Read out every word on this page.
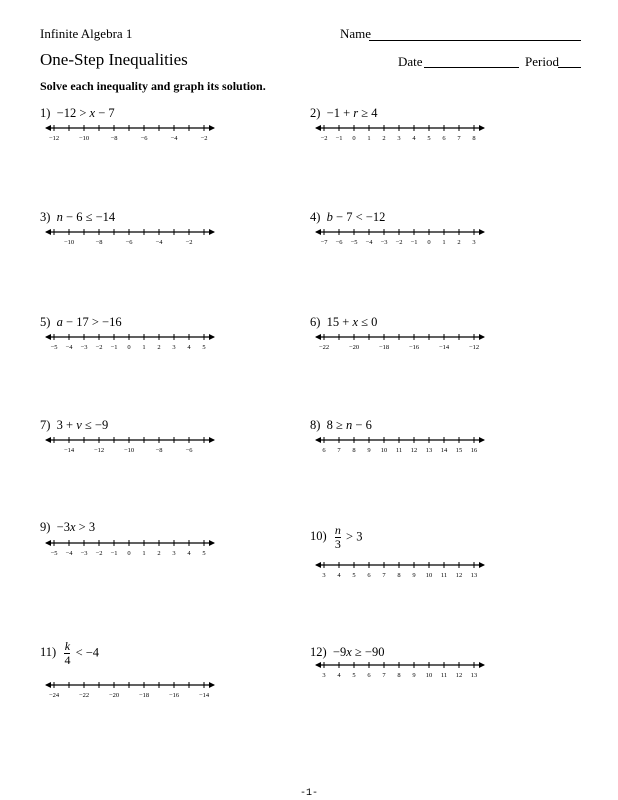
Infinite Algebra 1	Name
One-Step Inequalities	Date	Period
Solve each inequality and graph its solution.
1)  −12 > x − 7
−12	−10	−8	−6	−4	−2
2)  −1 + r ≥ 4
−2 −1 0 1 2 3 4 5 6 7 8
3)  n − 6 ≤ −14
−10	−8	−6	−4	−2
4)  b − 7 < −12
−7 −6 −5 −4 −3 −2 −1 0 1 2 3
5)  a − 17 > −16
−5 −4 −3 −2 −1 0 1 2 3 4 5
6)  15 + x ≤ 0
−22	−20	−18	−16	−14	−12
7)  3 + v ≤ −9
−14	−12	−10	−8	−6
8)  8 ≥ n − 6
6 7 8 9 10 11 12 13 14 15 16
9)  −3x > 3
−5 −4 −3 −2 −1 0 1 2 3 4 5
$10) \frac{n}{3} > 3$
3 4 5 6 7 8 9 10 11 12 13
$11) \frac{k}{4} < -4$
−24	−22	−20	−18	−16	−14
12)  −9x ≥ −90
3 4 5 6 7 8 9 10 11 12 13
-1-
